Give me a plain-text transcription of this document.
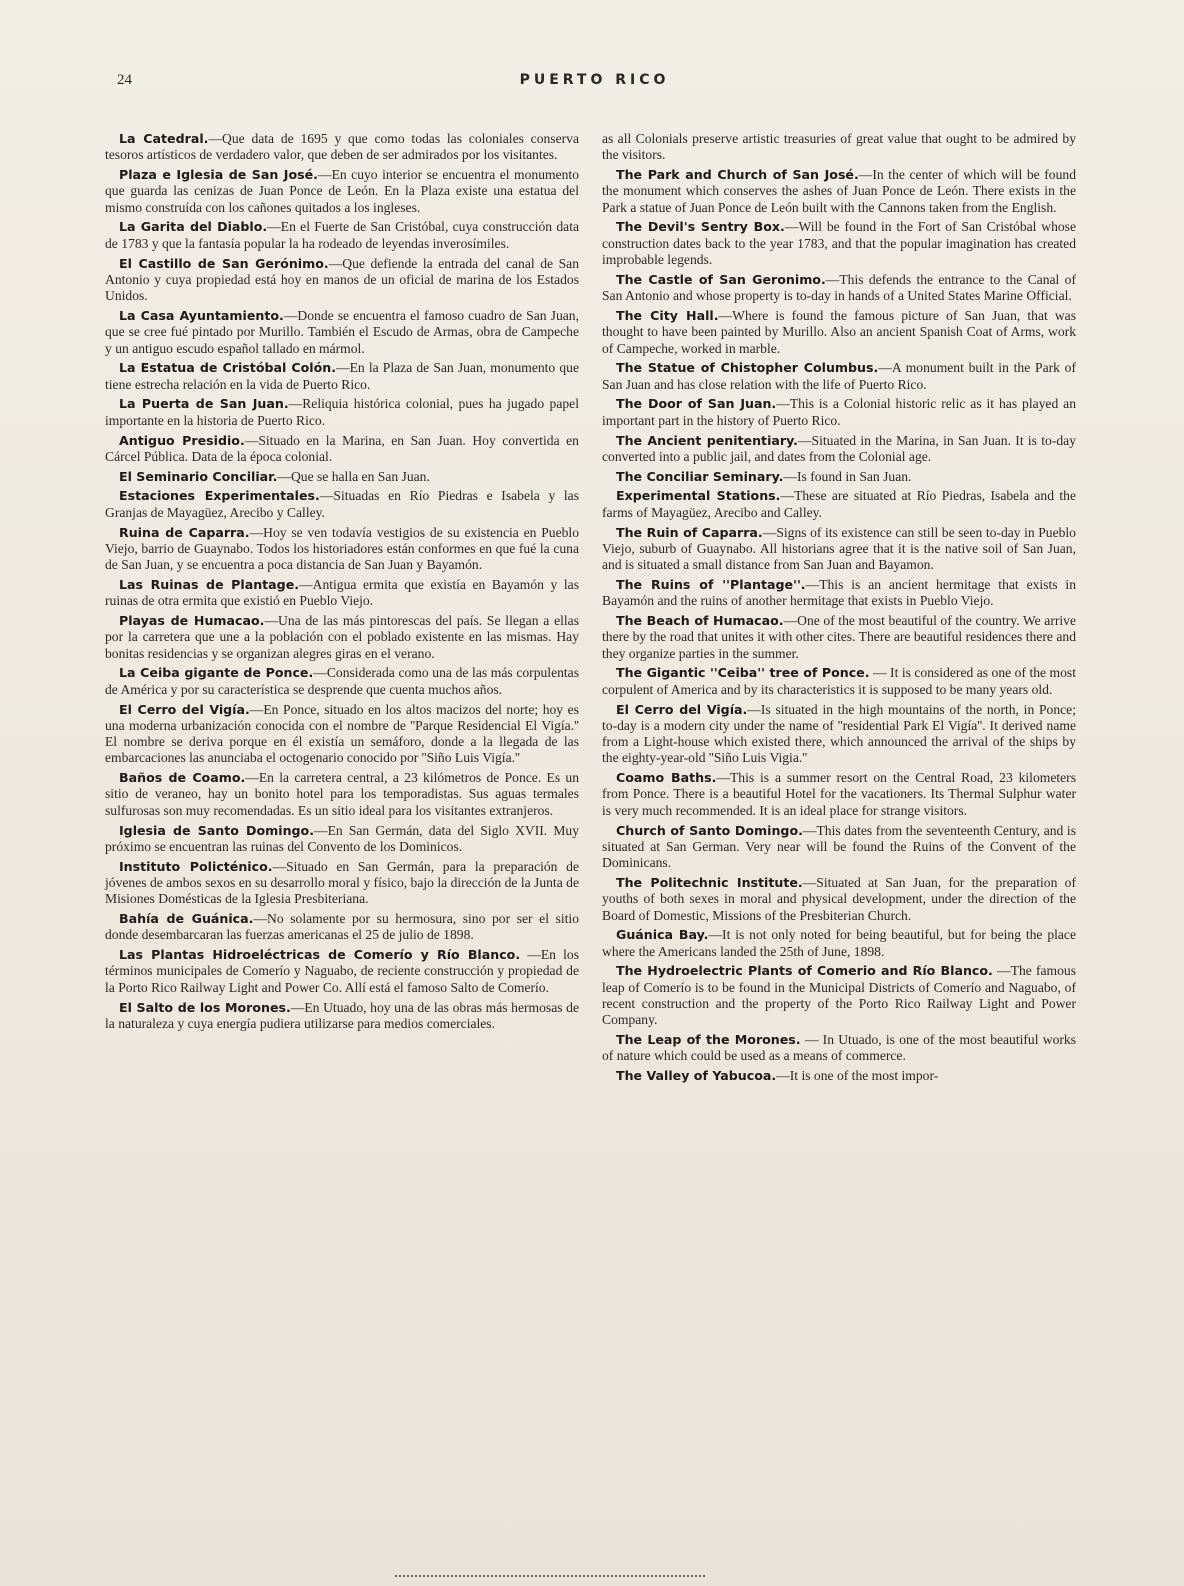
24	PUERTO RICO

La Catedral.—Que data de 1695 y que como todas las coloniales conserva tesoros artísticos de verdadero valor, que deben de ser admirados por los visitantes.

Plaza e Iglesia de San José.—En cuyo interior se encuentra el monumento que guarda las cenizas de Juan Ponce de León. En la Plaza existe una estatua del mismo construída con los cañones quitados a los ingleses.

La Garita del Diablo.—En el Fuerte de San Cristóbal, cuya construcción data de 1783 y que la fantasía popular la ha rodeado de leyendas inverosímiles.

El Castillo de San Gerónimo.—Que defiende la entrada del canal de San Antonio y cuya propiedad está hoy en manos de un oficial de marina de los Estados Unidos.

La Casa Ayuntamiento.—Donde se encuentra el famoso cuadro de San Juan, que se cree fué pintado por Murillo. También el Escudo de Armas, obra de Campeche y un antiguo escudo español tallado en mármol.

La Estatua de Cristóbal Colón.—En la Plaza de San Juan, monumento que tiene estrecha relación en la vida de Puerto Rico.

La Puerta de San Juan.—Reliquia histórica colonial, pues ha jugado papel importante en la historia de Puerto Rico.

Antiguo Presidio.—Situado en la Marina, en San Juan. Hoy convertida en Cárcel Pública. Data de la época colonial.

El Seminario Conciliar.—Que se halla en San Juan.

Estaciones Experimentales.—Situadas en Río Piedras e Isabela y las Granjas de Mayagüez, Arecibo y Calley.

Ruina de Caparra.—Hoy se ven todavía vestigios de su existencia en Pueblo Viejo, barrio de Guaynabo. Todos los historiadores están conformes en que fué la cuna de San Juan, y se encuentra a poca distancia de San Juan y Bayamón.

Las Ruinas de Plantage.—Antigua ermita que existía en Bayamón y las ruinas de otra ermita que existió en Pueblo Viejo.

Playas de Humacao.—Una de las más pintorescas del país. Se llegan a ellas por la carretera que une a la población con el poblado existente en las mismas. Hay bonitas residencias y se organizan alegres giras en el verano.

La Ceiba gigante de Ponce.—Considerada como una de las más corpulentas de América y por su característica se desprende que cuenta muchos años.

El Cerro del Vigía.—En Ponce, situado en los altos macizos del norte; hoy es una moderna urbanización conocida con el nombre de ''Parque Residencial El Vigía.'' El nombre se deriva porque en él existía un semáforo, donde a la llegada de las embarcaciones las anunciaba el octogenario conocido por ''Siño Luis Vigía.''

Baños de Coamo.—En la carretera central, a 23 kilómetros de Ponce. Es un sitio de veraneo, hay un bonito hotel para los temporadistas. Sus aguas termales sulfurosas son muy recomendadas. Es un sitio ideal para los visitantes extranjeros.

Iglesia de Santo Domingo.—En San Germán, data del Siglo XVII. Muy próximo se encuentran las ruinas del Convento de los Dominicos.

Instituto Policténico.—Situado en San Germán, para la preparación de jóvenes de ambos sexos en su desarrollo moral y físico, bajo la dirección de la Junta de Misiones Domésticas de la Iglesia Presbiteriana.

Bahía de Guánica.—No solamente por su hermosura, sino por ser el sitio donde desembarcaran las fuerzas americanas el 25 de julio de 1898.

Las Plantas Hidroeléctricas de Comerío y Río Blanco. —En los términos municipales de Comerío y Naguabo, de reciente construcción y propiedad de la Porto Rico Railway Light and Power Co. Allí está el famoso Salto de Comerío.

El Salto de los Morones.—En Utuado, hoy una de las obras más hermosas de la naturaleza y cuya energía pudiera utilizarse para medios comerciales.

as all Colonials preserve artistic treasuries of great value that ought to be admired by the visitors.

The Park and Church of San José.—In the center of which will be found the monument which conserves the ashes of Juan Ponce de León. There exists in the Park a statue of Juan Ponce de León built with the Cannons taken from the English.

The Devil's Sentry Box.—Will be found in the Fort of San Cristóbal whose construction dates back to the year 1783, and that the popular imagination has created improbable legends.

The Castle of San Geronimo.—This defends the entrance to the Canal of San Antonio and whose property is to-day in hands of a United States Marine Official.

The City Hall.—Where is found the famous picture of San Juan, that was thought to have been painted by Murillo. Also an ancient Spanish Coat of Arms, work of Campeche, worked in marble.

The Statue of Chistopher Columbus.—A monument built in the Park of San Juan and has close relation with the life of Puerto Rico.

The Door of San Juan.—This is a Colonial historic relic as it has played an important part in the history of Puerto Rico.

The Ancient penitentiary.—Situated in the Marina, in San Juan. It is to-day converted into a public jail, and dates from the Colonial age.

The Conciliar Seminary.—Is found in San Juan.

Experimental Stations.—These are situated at Río Piedras, Isabela and the farms of Mayagüez, Arecibo and Calley.

The Ruin of Caparra.—Signs of its existence can still be seen to-day in Pueblo Viejo, suburb of Guaynabo. All historians agree that it is the native soil of San Juan, and is situated a small distance from San Juan and Bayamon.

The Ruins of ''Plantage''.—This is an ancient hermitage that exists in Bayamón and the ruins of another hermitage that exists in Pueblo Viejo.

The Beach of Humacao.—One of the most beautiful of the country. We arrive there by the road that unites it with other cites. There are beautiful residences there and they organize parties in the summer.

The Gigantic ''Ceiba'' tree of Ponce. — It is considered as one of the most corpulent of America and by its characteristics it is supposed to be many years old.

El Cerro del Vigía.—Is situated in the high mountains of the north, in Ponce; to-day is a modern city under the name of ''residential Park El Vigía''. It derived name from a Light-house which existed there, which announced the arrival of the ships by the eighty-year-old ''Siño Luis Vigia.''

Coamo Baths.—This is a summer resort on the Central Road, 23 kilometers from Ponce. There is a beautiful Hotel for the vacationers. Its Thermal Sulphur water is very much recommended. It is an ideal place for strange visitors.

Church of Santo Domingo.—This dates from the seventeenth Century, and is situated at San German. Very near will be found the Ruins of the Convent of the Dominicans.

The Politechnic Institute.—Situated at San Juan, for the preparation of youths of both sexes in moral and physical development, under the direction of the Board of Domestic, Missions of the Presbiterian Church.

Guánica Bay.—It is not only noted for being beautiful, but for being the place where the Americans landed the 25th of June, 1898.

The Hydroelectric Plants of Comerio and Río Blanco. —The famous leap of Comerío is to be found in the Municipal Districts of Comerío and Naguabo, of recent construction and the property of the Porto Rico Railway Light and Power Company.

The Leap of the Morones. — In Utuado, is one of the most beautiful works of nature which could be used as a means of commerce.

The Valley of Yabucoa.—It is one of the most impor-
